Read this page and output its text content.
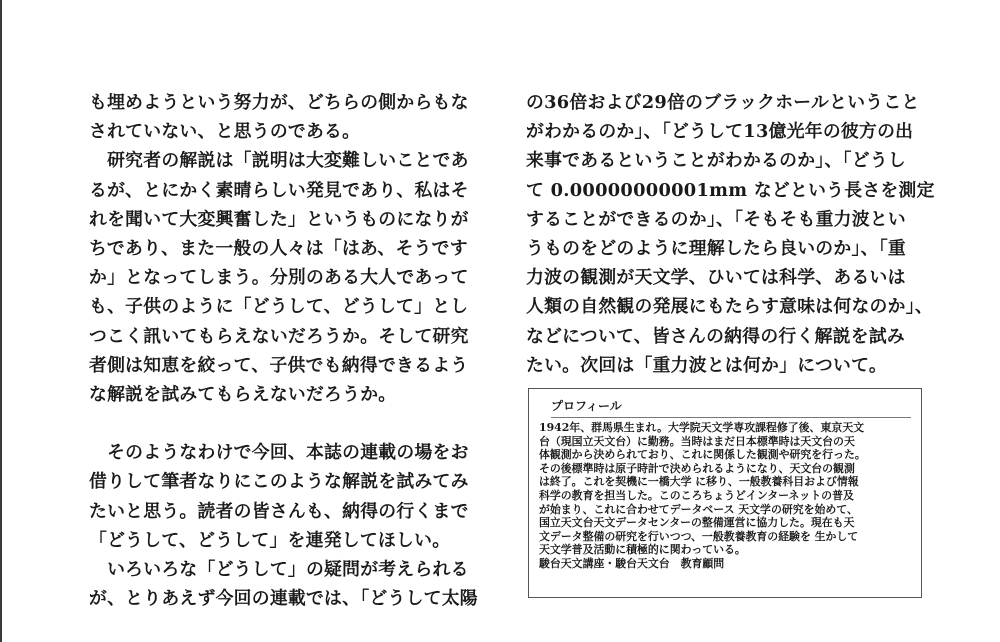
も埋めようという努力が、どちらの側からもな

されていない、と思うのである。

　研究者の解説は「説明は大変難しいことであ

るが、とにかく素晴らしい発見であり、私はそ

れを聞いて大変興奮した」というものになりが

ちであり、また一般の人々は「はあ、そうです

か」となってしまう。分別のある大人であって

も、子供のように「どうして、どうして」とし

つこく訊いてもらえないだろうか。そして研究

者側は知恵を絞って、子供でも納得できるよう

な解説を試みてもらえないだろうか。

　そのようなわけで今回、本誌の連載の場をお

借りして筆者なりにこのような解説を試みてみ

たいと思う。読者の皆さんも、納得の行くまで

「どうして、どうして」を連発してほしい。

　いろいろな「どうして」の疑問が考えられる

が、とりあえず今回の連載では、「どうして太陽

の36倍および29倍のブラックホールということ

がわかるのか」、「どうして13億光年の彼方の出

来事であるということがわかるのか」、「どうし

て 0.00000000001mm などという長さを測定

することができるのか」、「そもそも重力波とい

うものをどのように理解したら良いのか」、「重

力波の観測が天文学、ひいては科学、あるいは

人類の自然観の発展にもたらす意味は何なのか」、

などについて、皆さんの納得の行く解説を試み

たい。次回は「重力波とは何か」について。

プロフィール

1942年、群馬県生まれ。大学院天文学専攻課程修了後、東京天文

台（現国立天文台）に勤務。当時はまだ日本標準時は天文台の天

体観測から決められており、これに関係した観測や研究を行った。

その後標準時は原子時計で決められるようになり、天文台の観測

は終了。これを契機に一橋大学 に移り、一般教養科目および情報

科学の教育を担当した。このころちょうどインターネットの普及

が始まり、これに合わせてデータベース 天文学の研究を始めて、

国立天文台天文データセンターの整備運営に協力した。現在も天

文データ整備の研究を行いつつ、一般教養教育の経験を 生かして

天文学普及活動に積極的に関わっている。

駿台天文講座・駿台天文台　教育顧問
